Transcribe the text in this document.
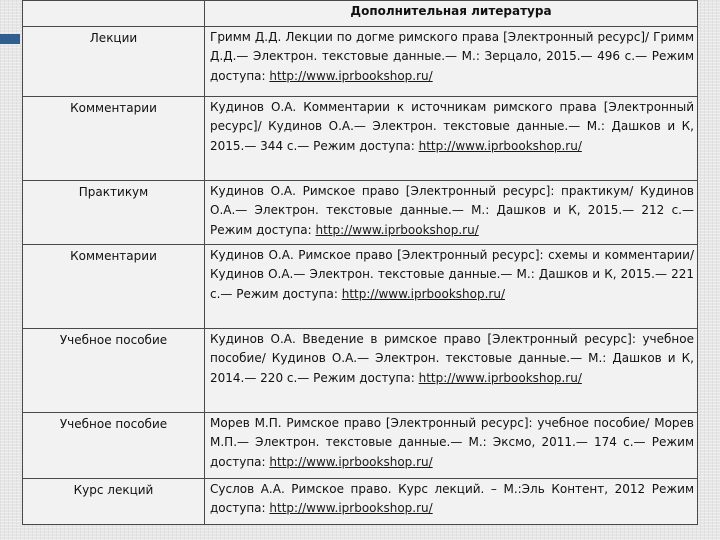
	Дополнительная литература
Лекции	Гримм Д.Д. Лекции по догме римского права [Электронный ресурс]/ Гримм Д.Д.— Электрон. текстовые данные.— М.: Зерцало, 2015.— 496 с.— Режим доступа: http://www.iprbookshop.ru/
Комментарии	Кудинов О.А. Комментарии к источникам римского права [Электронный ресурс]/ Кудинов О.А.— Электрон. текстовые данные.— М.: Дашков и К, 2015.— 344 с.— Режим доступа: http://www.iprbookshop.ru/
Практикум	Кудинов О.А. Римское право [Электронный ресурс]: практикум/ Кудинов О.А.— Электрон. текстовые данные.— М.: Дашков и К, 2015.— 212 с.— Режим доступа: http://www.iprbookshop.ru/
Комментарии	Кудинов О.А. Римское право [Электронный ресурс]: схемы и комментарии/ Кудинов О.А.— Электрон. текстовые данные.— М.: Дашков и К, 2015.— 221 с.— Режим доступа: http://www.iprbookshop.ru/
Учебное пособие	Кудинов О.А. Введение в римское право [Электронный ресурс]: учебное пособие/ Кудинов О.А.— Электрон. текстовые данные.— М.: Дашков и К, 2014.— 220 с.— Режим доступа: http://www.iprbookshop.ru/
Учебное пособие	Морев М.П. Римское право [Электронный ресурс]: учебное пособие/ Морев М.П.— Электрон. текстовые данные.— М.: Эксмо, 2011.— 174 с.— Режим доступа: http://www.iprbookshop.ru/
Курс лекций	Суслов А.А. Римское право. Курс лекций. – М.:Эль Контент, 2012 Режим доступа: http://www.iprbookshop.ru/
